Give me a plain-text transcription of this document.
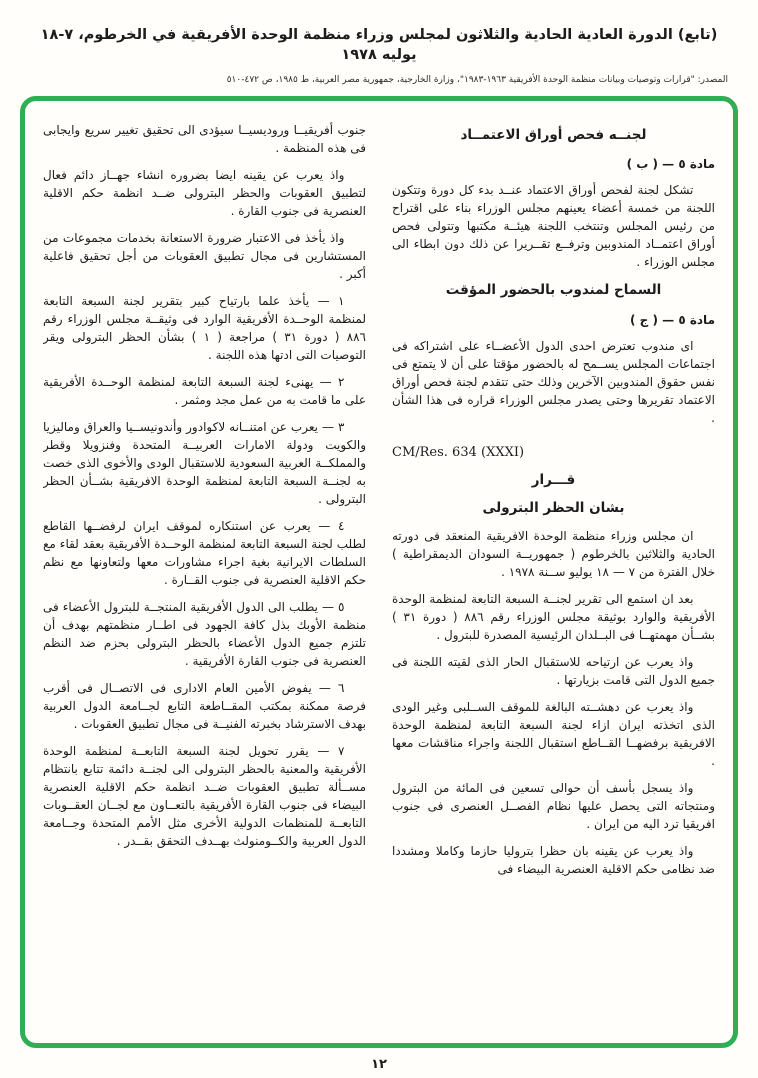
(تابع) الدورة العادية الحادية والثلاثون لمجلس وزراء منظمة الوحدة الأفريقية في الخرطوم، ٧-١٨ يوليه ١٩٧٨
المصدر: "قرارات وتوصيات وبيانات منظمة الوحدة الأفريقية ١٩٦٣-١٩٨٣"، وزارة الخارجية، جمهورية مصر العربية، ط ١٩٨٥، ص ٤٧٢-٥١٠
لجنــه فحص أوراق الاعتمــاد

مادة ٥ — ( ب )

تشكل لجنة لفحص أوراق الاعتماد عنــد بدء كل دورة وتتكون اللجنة من خمسة أعضاء يعينهم مجلس الوزراء بناء على اقتراح من رئيس المجلس وتنتخب اللجنة هيئــة مكتبها وتتولى فحص أوراق اعتمــاد المندوبين وترفــع تقــريرا عن ذلك دون ابطاء الى مجلس الوزراء .

السماح لمندوب بالحضور المؤقت

مادة ٥ — ( ج )

اى مندوب تعترض احدى الدول الأعضــاء على اشتراكه فى اجتماعات المجلس يســمح له بالحضور مؤقتا على أن لا يتمتع فى نفس حقوق المندوبين الآخرين وذلك حتى تتقدم لجنة فحص أوراق الاعتماد تقريرها وحتى يصدر مجلس الوزراء قراره فى هذا الشأن .

CM/Res. 634 (XXXI)

قـــرار
بشان الحظر البترولى

ان مجلس وزراء منظمة الوحدة الافريقية المنعقد فى دورته الحادية والثلاثين بالخرطوم ( جمهوريــة السودان الديمقراطية ) خلال الفترة من ٧ — ١٨ يوليو ســنة ١٩٧٨ .

بعد ان استمع الى تقرير لجنــة السبعة التابعة لمنظمة الوحدة الأفريقية والوارد بوثيقة مجلس الوزراء رقم ٨٨٦ ( دورة ٣١ ) بشــأن مهمتهــا فى البــلدان الرئيسية المصدرة للبترول .

واذ يعرب عن ارتياحه للاستقبال الحار الذى لقيته اللجنة فى جميع الدول التى قامت بزيارتها .

واذ يعرب عن دهشــته البالغة للموقف الســلبى وغير الودى الذى اتخذته ايران ازاء لجنة السبعة التابعة لمنظمة الوحدة الافريقية برفضهــا القــاطع استقبال اللجنة واجراء مناقشات معها .

واذ يسجل بأسف أن حوالى تسعين فى المائة من البترول ومنتجاته التى يحصل عليها نظام الفصــل العنصرى فى جنوب افريقيا ترد اليه من ايران .

واذ يعرب عن يقينه بان حظرا بتروليا حازما وكاملا ومشددا ضد نظامى حكم الاقلية العنصرية البيضاء فى

جنوب أفريقيــا وروديسيــا سيؤدى الى تحقيق تغيير سريع وايجابى فى هذه المنظمة .

واذ يعرب عن يقينه ايضا بضروره انشاء جهــاز دائم فعال لتطبيق العقوبات والحظر البترولى ضــد انظمة حكم الاقلية العنصرية فى جنوب القارة .

واذ يأخذ فى الاعتبار ضرورة الاستعانة بخدمات مجموعات من المستشارين فى مجال تطبيق العقوبات من أجل تحقيق فاعلية أكبر .

١ — يأخذ علما بارتياح كبير بتقرير لجنة السبعة التابعة لمنظمة الوحــدة الأفريقية الوارد فى وثيقــة مجلس الوزراء رقم ٨٨٦ ( دورة ٣١ ) مراجعة ( ١ ) بشأن الحظر البترولى ويقر التوصيات التى ادتها هذه اللجنة .

٢ — يهنىء لجنة السبعة التابعة لمنظمة الوحــدة الأفريقية على ما قامت به من عمل مجد ومثمر .

٣ — يعرب عن امتنــانه لاكوادور وأندونيســيا والعراق وماليزيا والكويت ودولة الامارات العربيــة المتحدة وفنزويلا وقطر والمملكــة العربية السعودية للاستقبال الودى والأخوى الذى خصت به لجنــة السبعة التابعة لمنظمة الوحدة الافريقية بشــأن الحظر البترولى .

٤ — يعرب عن استنكاره لموقف ايران لرفضــها القاطع لطلب لجنة السبعة التابعة لمنظمة الوحــدة الأفريقية بعقد لقاء مع السلطات الايرانية بغية اجراء مشاورات معها ولتعاونها مع نظم حكم الاقلية العنصرية فى جنوب القــارة .

٥ — يطلب الى الدول الأفريقية المنتجــة للبترول الأعضاء فى منظمة الأوبك بذل كافة الجهود فى اطــار منظمتهم بهدف أن تلتزم جميع الدول الأعضاء بالحظر البترولى بحزم ضد النظم العنصرية فى جنوب القارة الأفريقية .

٦ — يفوض الأمين العام الادارى فى الاتصــال فى أقرب فرصة ممكنة بمكتب المقــاطعة التابع لجــامعة الدول العربية بهدف الاسترشاد بخبرته الفنيــة فى مجال تطبيق العقوبات .

٧ — يقرر تحويل لجنة السبعة التابعــة لمنظمة الوحدة الأفريقية والمعنية بالحظر البترولى الى لجنــة دائمة تتابع بانتظام مســألة تطبيق العقوبات ضــد انظمة حكم الاقلية العنصرية البيضاء فى جنوب القارة الأفريقية بالتعــاون مع لجــان العقــوبات التابعــة للمنظمات الدولية الأخرى مثل الأمم المتحدة وجــامعة الدول العربية والكــومنولث بهــدف التحقق بقــدر .

١٢
